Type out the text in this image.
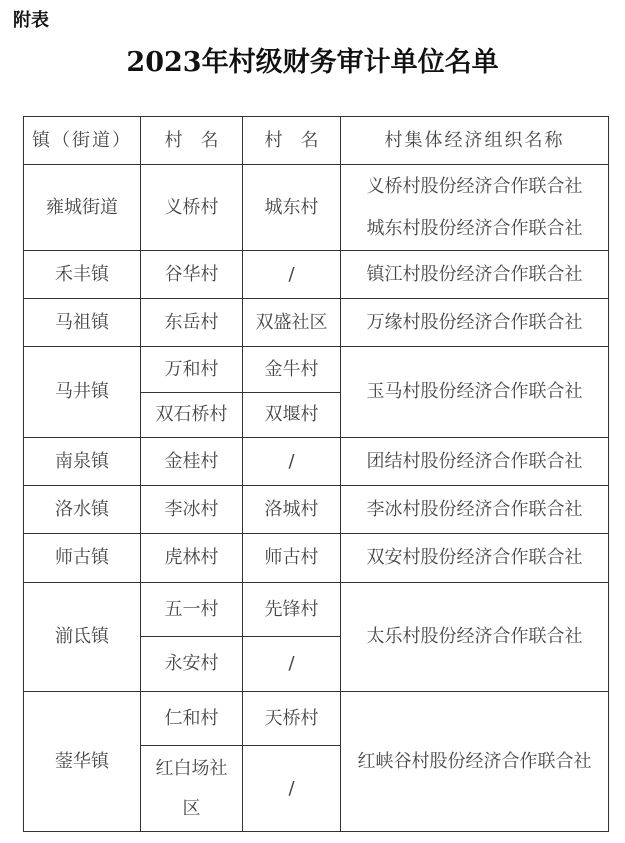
附表
2023年村级财务审计单位名单
镇（街道）	村名	村名	村集体经济组织名称
雍城街道	义桥村	城东村	义桥村股份经济合作联合社
城东村股份经济合作联合社

禾丰镇	谷华村	/	镇江村股份经济合作联合社
马祖镇	东岳村	双盛社区	万缘村股份经济合作联合社
马井镇	万和村	金牛村	玉马村股份经济合作联合社
	双石桥村	双堰村	
南泉镇	金桂村	/	团结村股份经济合作联合社
洛水镇	李冰村	洛城村	李冰村股份经济合作联合社
师古镇	虎林村	师古村	双安村股份经济合作联合社
湔氐镇	五一村	先锋村	太乐村股份经济合作联合社
	永安村	/	
蓥华镇	仁和村	天桥村	红峡谷村股份经济合作联合社
	红白场社区	/	
